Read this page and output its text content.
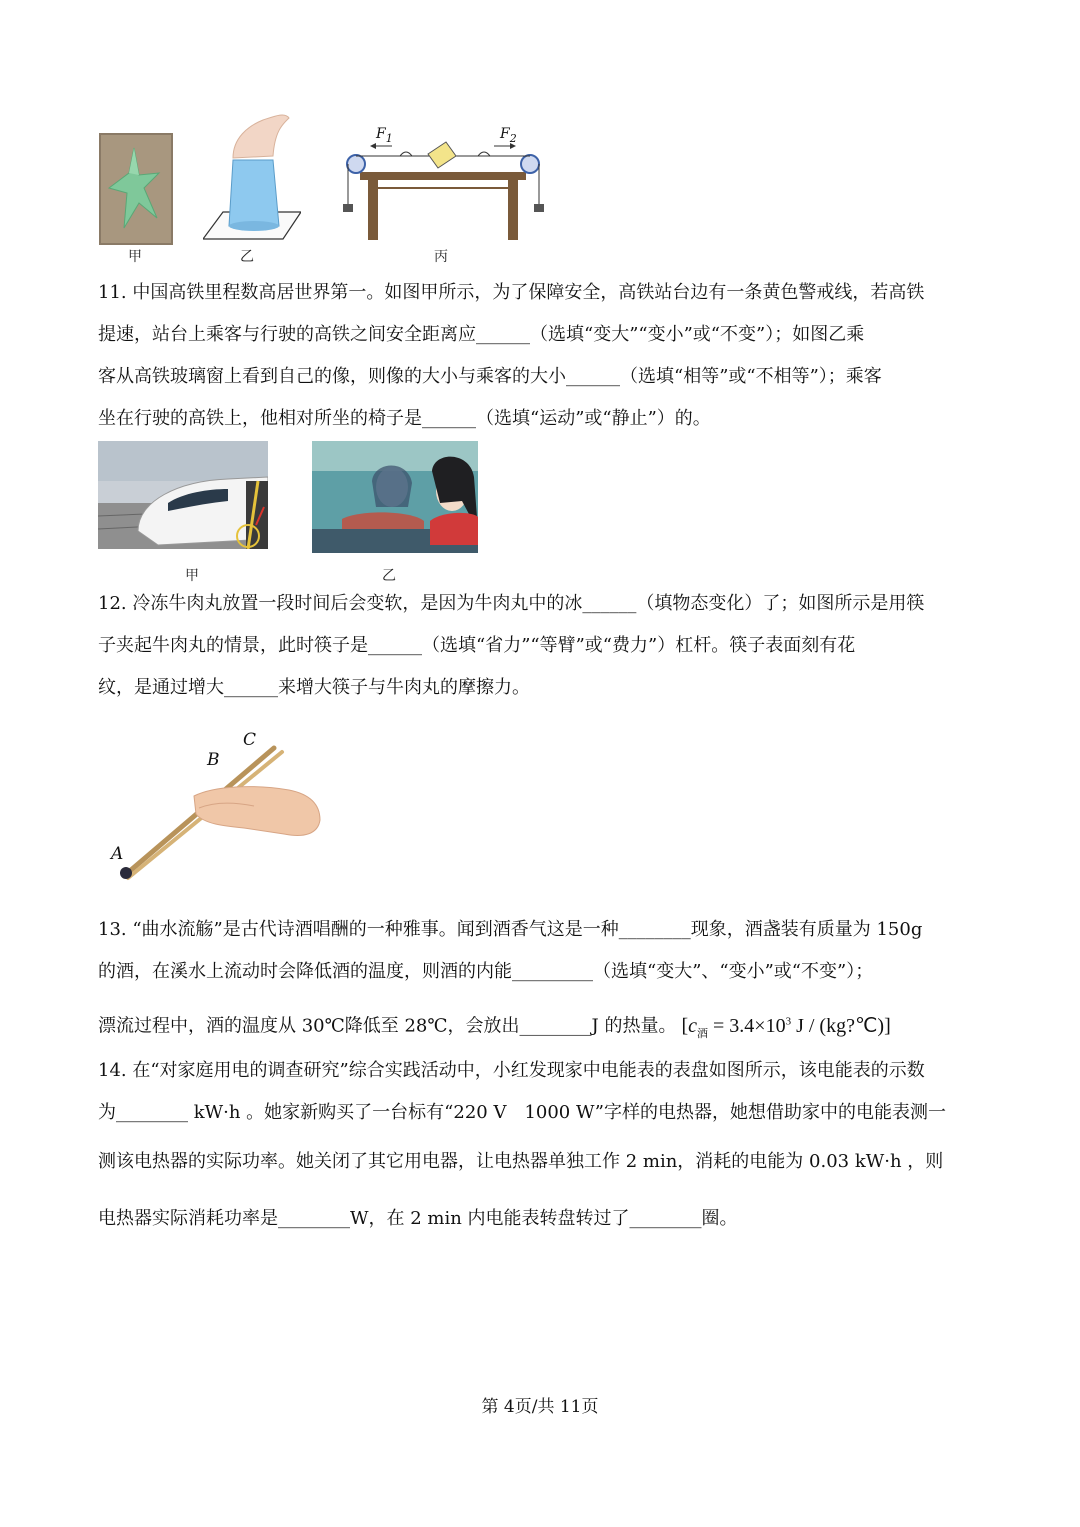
甲	乙
$F_1$	$F_2$
丙

11. 中国高铁里程数高居世界第一。如图甲所示，为了保障安全，高铁站台边有一条黄色警戒线，若高铁

提速，站台上乘客与行驶的高铁之间安全距离应______（选填“变大”“变小”或“不变”）；如图乙乘

客从高铁玻璃窗上看到自己的像，则像的大小与乘客的大小______（选填“相等”或“不相等”）；乘客

坐在行驶的高铁上，他相对所坐的椅子是______（选填“运动”或“静止”）的。

甲	乙

12. 冷冻牛肉丸放置一段时间后会变软，是因为牛肉丸中的冰______（填物态变化）了；如图所示是用筷

子夹起牛肉丸的情景，此时筷子是______（选填“省力”“等臂”或“费力”）杠杆。筷子表面刻有花

纹，是通过增大______来增大筷子与牛肉丸的摩擦力。

A
B
C

13. “曲水流觞”是古代诗酒唱酬的一种雅事。闻到酒香气这是一种________现象，酒盏装有质量为 150g

的酒，在溪水上流动时会降低酒的温度，则酒的内能_________（选填“变大”、“变小”或“不变”）；

漂流过程中，酒的温度从 30℃降低至 28℃，会放出________J 的热量。 [$c_酒 = 3.4\times 10^3$ J / (kg?℃)]

14. 在“对家庭用电的调查研究”综合实践活动中，小红发现家中电能表的表盘如图所示，该电能表的示数

为________ kW·h 。她家新购买了一台标有“220 V　1000 W”字样的电热器，她想借助家中的电能表测一

测该电热器的实际功率。她关闭了其它用电器，让电热器单独工作 2 min，消耗的电能为 0.03 kW·h ，则

电热器实际消耗功率是________W，在 2 min 内电能表转盘转过了________圈。

第 4页/共 11页
